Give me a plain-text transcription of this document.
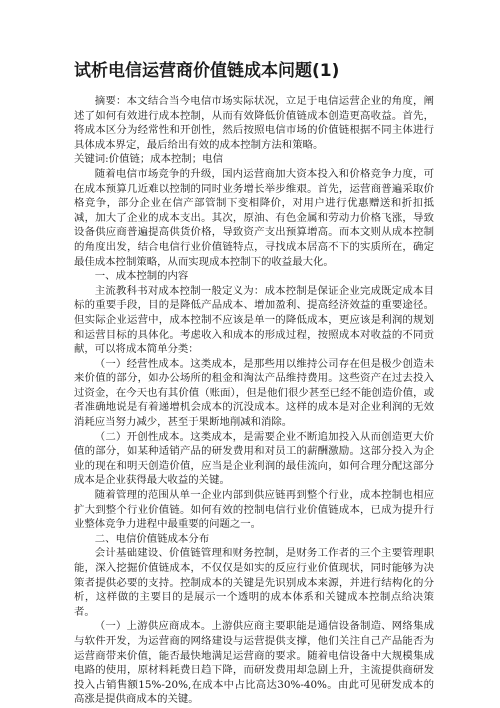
试析电信运营商价值链成本问题(1)

摘要：本文结合当今电信市场实际状况，立足于电信运营企业的角度，阐述了如何有效进行成本控制，从而有效降低价值链成本创造更高收益。首先，将成本区分为经常性和开创性，然后按照电信市场的价值链根据不同主体进行具体成本界定，最后给出有效的成本控制方法和策略。

关键词:价值链；成本控制；电信

随着电信市场竞争的升级，国内运营商加大资本投入和价格竞争力度，可在成本预算几近难以控制的同时业务增长举步维艰。首先，运营商普遍采取价格竞争，部分企业在信产部管制下变相降价，对用户进行优惠赠送和折扣抵减，加大了企业的成本支出。其次，原油、有色金属和劳动力价格飞涨，导致设备供应商普遍提高供货价格，导致资产支出预算增高。而本文则从成本控制的角度出发，结合电信行业价值链特点，寻找成本居高不下的实质所在，确定最佳成本控制策略，从而实现成本控制下的收益最大化。

一、成本控制的内容

主流教科书对成本控制一般定义为：成本控制是保证企业完成既定成本目标的重要手段，目的是降低产品成本、增加盈利、提高经济效益的重要途径。但实际企业运营中，成本控制不应该是单一的降低成本，更应该是利润的规划和运营目标的具体化。考虑收入和成本的形成过程，按照成本对收益的不同贡献，可以将成本简单分类：

（一）经营性成本。这类成本，是那些用以维持公司存在但是极少创造未来价值的部分，如办公场所的租金和淘汰产品维持费用。这些资产在过去投入过资金，在今天也有其价值（账面），但是他们很少甚至已经不能创造价值，或者准确地说是有着递增机会成本的沉没成本。这样的成本是对企业利润的无效消耗应当努力减少，甚至于果断地削减和消除。

（二）开创性成本。这类成本，是需要企业不断追加投入从而创造更大价值的部分，如某种适销产品的研发费用和对员工的薪酬激励。这部分投入为企业的现在和明天创造价值，应当是企业利润的最佳流向，如何合理分配这部分成本是企业获得最大收益的关键。

随着管理的范围从单一企业内部到供应链再到整个行业，成本控制也相应扩大到整个行业价值链。如何有效的控制电信行业价值链成本，已成为提升行业整体竞争力进程中最重要的问题之一。

二、电信价值链成本分布

会计基础建设、价值链管理和财务控制，是财务工作者的三个主要管理职能，深入挖掘价值链成本，不仅仅是如实的反应行业价值现状，同时能够为决策者提供必要的支持。控制成本的关键是先识别成本来源，并进行结构化的分析，这样做的主要目的是展示一个透明的成本体系和关键成本控制点给决策者。

（一）上游供应商成本。上游供应商主要职能是通信设备制造、网络集成与软件开发，为运营商的网络建设与运营提供支撑，他们关注自己产品能否为运营商带来价值，能否最快地满足运营商的要求。随着电信设备中大规模集成电路的使用，原材料耗费日趋下降，而研发费用却急剧上升，主流提供商研发投入占销售额15%-20%,在成本中占比高达30%-40%。由此可见研发成本的高涨是提供商成本的关键。
